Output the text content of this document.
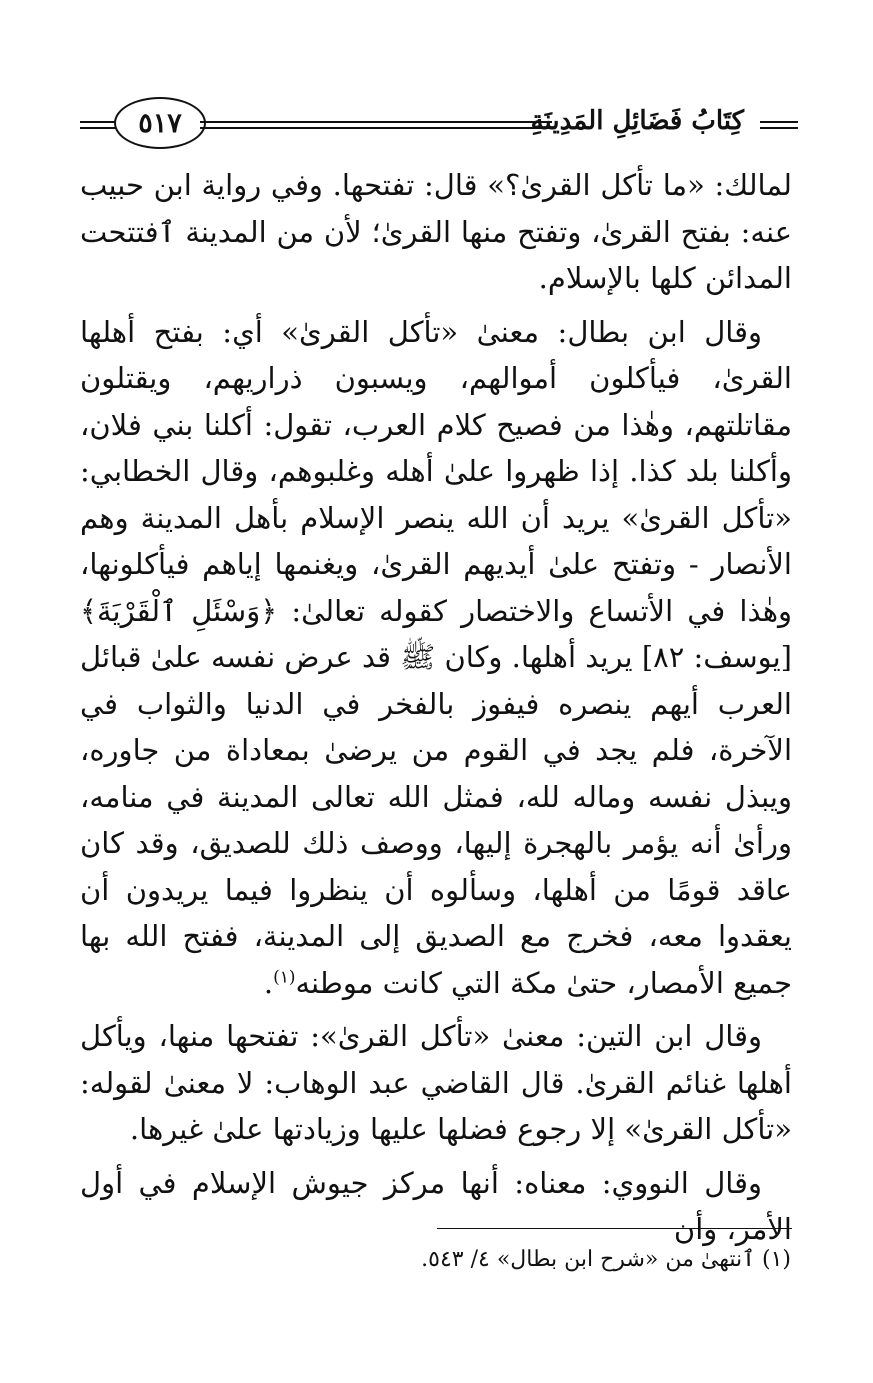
٥١٧	كِتَابُ فَضَائِلِ المَدِينَةِ

لمالك: «ما تأكل القرىٰ؟» قال: تفتحها. وفي رواية ابن حبيب عنه: بفتح القرىٰ، وتفتح منها القرىٰ؛ لأن من المدينة ٱفتتحت المدائن كلها بالإسلام.

وقال ابن بطال: معنىٰ «تأكل القرىٰ» أي: بفتح أهلها القرىٰ، فيأكلون أموالهم، ويسبون ذراريهم، ويقتلون مقاتلتهم، وهٰذا من فصيح كلام العرب، تقول: أكلنا بني فلان، وأكلنا بلد كذا. إذا ظهروا علىٰ أهله وغلبوهم، وقال الخطابي: «تأكل القرىٰ» يريد أن الله ينصر الإسلام بأهل المدينة وهم الأنصار - وتفتح علىٰ أيديهم القرىٰ، ويغنمها إياهم فيأكلونها، وهٰذا في الأتساع والاختصار كقوله تعالىٰ: ﴿وَسْئَلِ ٱلْقَرْيَةَ﴾ [يوسف: ٨٢] يريد أهلها. وكان ﷺ قد عرض نفسه علىٰ قبائل العرب أيهم ينصره فيفوز بالفخر في الدنيا والثواب في الآخرة، فلم يجد في القوم من يرضىٰ بمعاداة من جاوره، ويبذل نفسه وماله لله، فمثل الله تعالى المدينة في منامه، ورأىٰ أنه يؤمر بالهجرة إليها، ووصف ذلك للصديق، وقد كان عاقد قومًا من أهلها، وسألوه أن ينظروا فيما يريدون أن يعقدوا معه، فخرج مع الصديق إلى المدينة، ففتح الله بها جميع الأمصار، حتىٰ مكة التي كانت موطنه$^{(١)}$.

وقال ابن التين: معنىٰ «تأكل القرىٰ»: تفتحها منها، ويأكل أهلها غنائم القرىٰ. قال القاضي عبد الوهاب: لا معنىٰ لقوله: «تأكل القرىٰ» إلا رجوع فضلها عليها وزيادتها علىٰ غيرها.

وقال النووي: معناه: أنها مركز جيوش الإسلام في أول الأمر، وأن

(١) ٱنتهىٰ من «شرح ابن بطال» ٤/ ٥٤٣.
